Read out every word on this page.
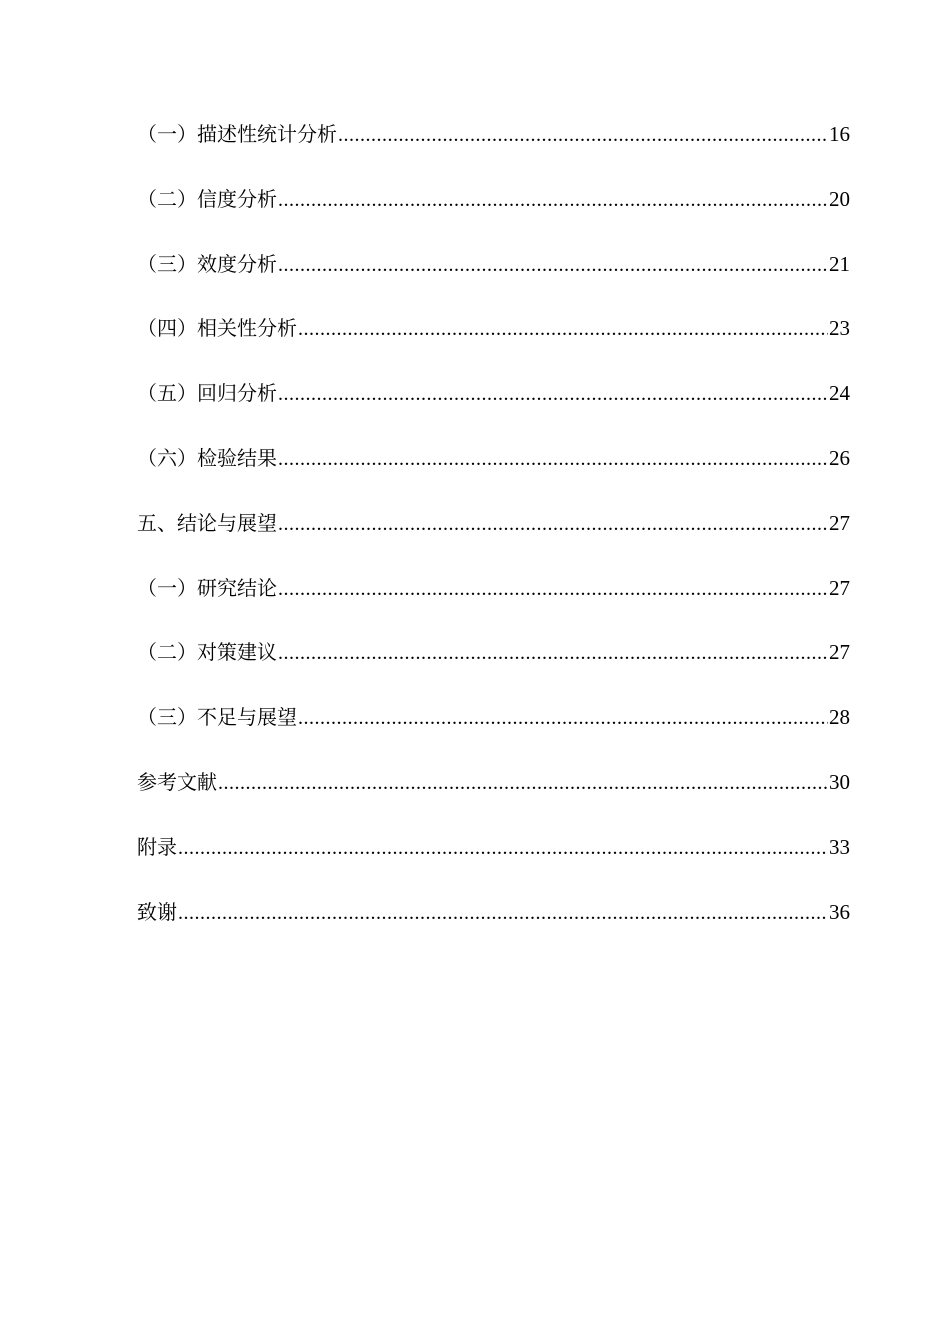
（一）描述性统计分析 .....	16
（二）信度分析 .....	20
（三）效度分析 .....	21
（四）相关性分析 .....	23
（五）回归分析 .....	24
（六）检验结果 .....	26
五、结论与展望 .....	27
（一）研究结论 .....	27
（二）对策建议 .....	27
（三）不足与展望 .....	28
参考文献 .....	30
附录 .....	33
致谢 .....	36
